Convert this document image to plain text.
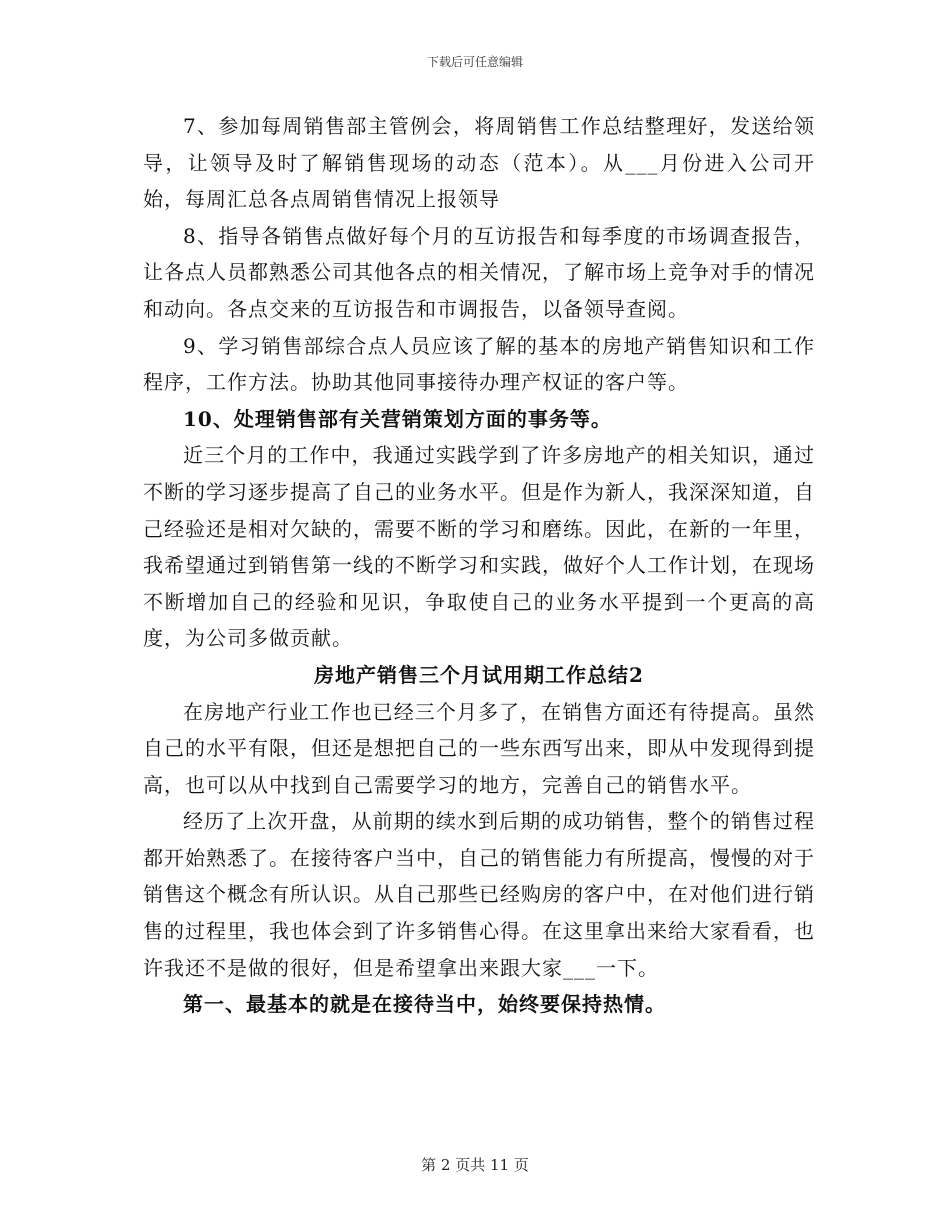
下载后可任意编辑

7、参加每周销售部主管例会，将周销售工作总结整理好，发送给领导，让领导及时了解销售现场的动态（范本）。从___月份进入公司开始，每周汇总各点周销售情况上报领导

8、指导各销售点做好每个月的互访报告和每季度的市场调查报告，让各点人员都熟悉公司其他各点的相关情况，了解市场上竞争对手的情况和动向。各点交来的互访报告和市调报告，以备领导查阅。

9、学习销售部综合点人员应该了解的基本的房地产销售知识和工作程序，工作方法。协助其他同事接待办理产权证的客户等。

10、处理销售部有关营销策划方面的事务等。

近三个月的工作中，我通过实践学到了许多房地产的相关知识，通过不断的学习逐步提高了自己的业务水平。但是作为新人，我深深知道，自己经验还是相对欠缺的，需要不断的学习和磨练。因此，在新的一年里，我希望通过到销售第一线的不断学习和实践，做好个人工作计划，在现场不断增加自己的经验和见识，争取使自己的业务水平提到一个更高的高度，为公司多做贡献。

房地产销售三个月试用期工作总结2

在房地产行业工作也已经三个月多了，在销售方面还有待提高。虽然自己的水平有限，但还是想把自己的一些东西写出来，即从中发现得到提高，也可以从中找到自己需要学习的地方，完善自己的销售水平。

经历了上次开盘，从前期的续水到后期的成功销售，整个的销售过程都开始熟悉了。在接待客户当中，自己的销售能力有所提高，慢慢的对于销售这个概念有所认识。从自己那些已经购房的客户中，在对他们进行销售的过程里，我也体会到了许多销售心得。在这里拿出来给大家看看，也许我还不是做的很好，但是希望拿出来跟大家___一下。

第一、最基本的就是在接待当中，始终要保持热情。

第 2 页共 11 页
